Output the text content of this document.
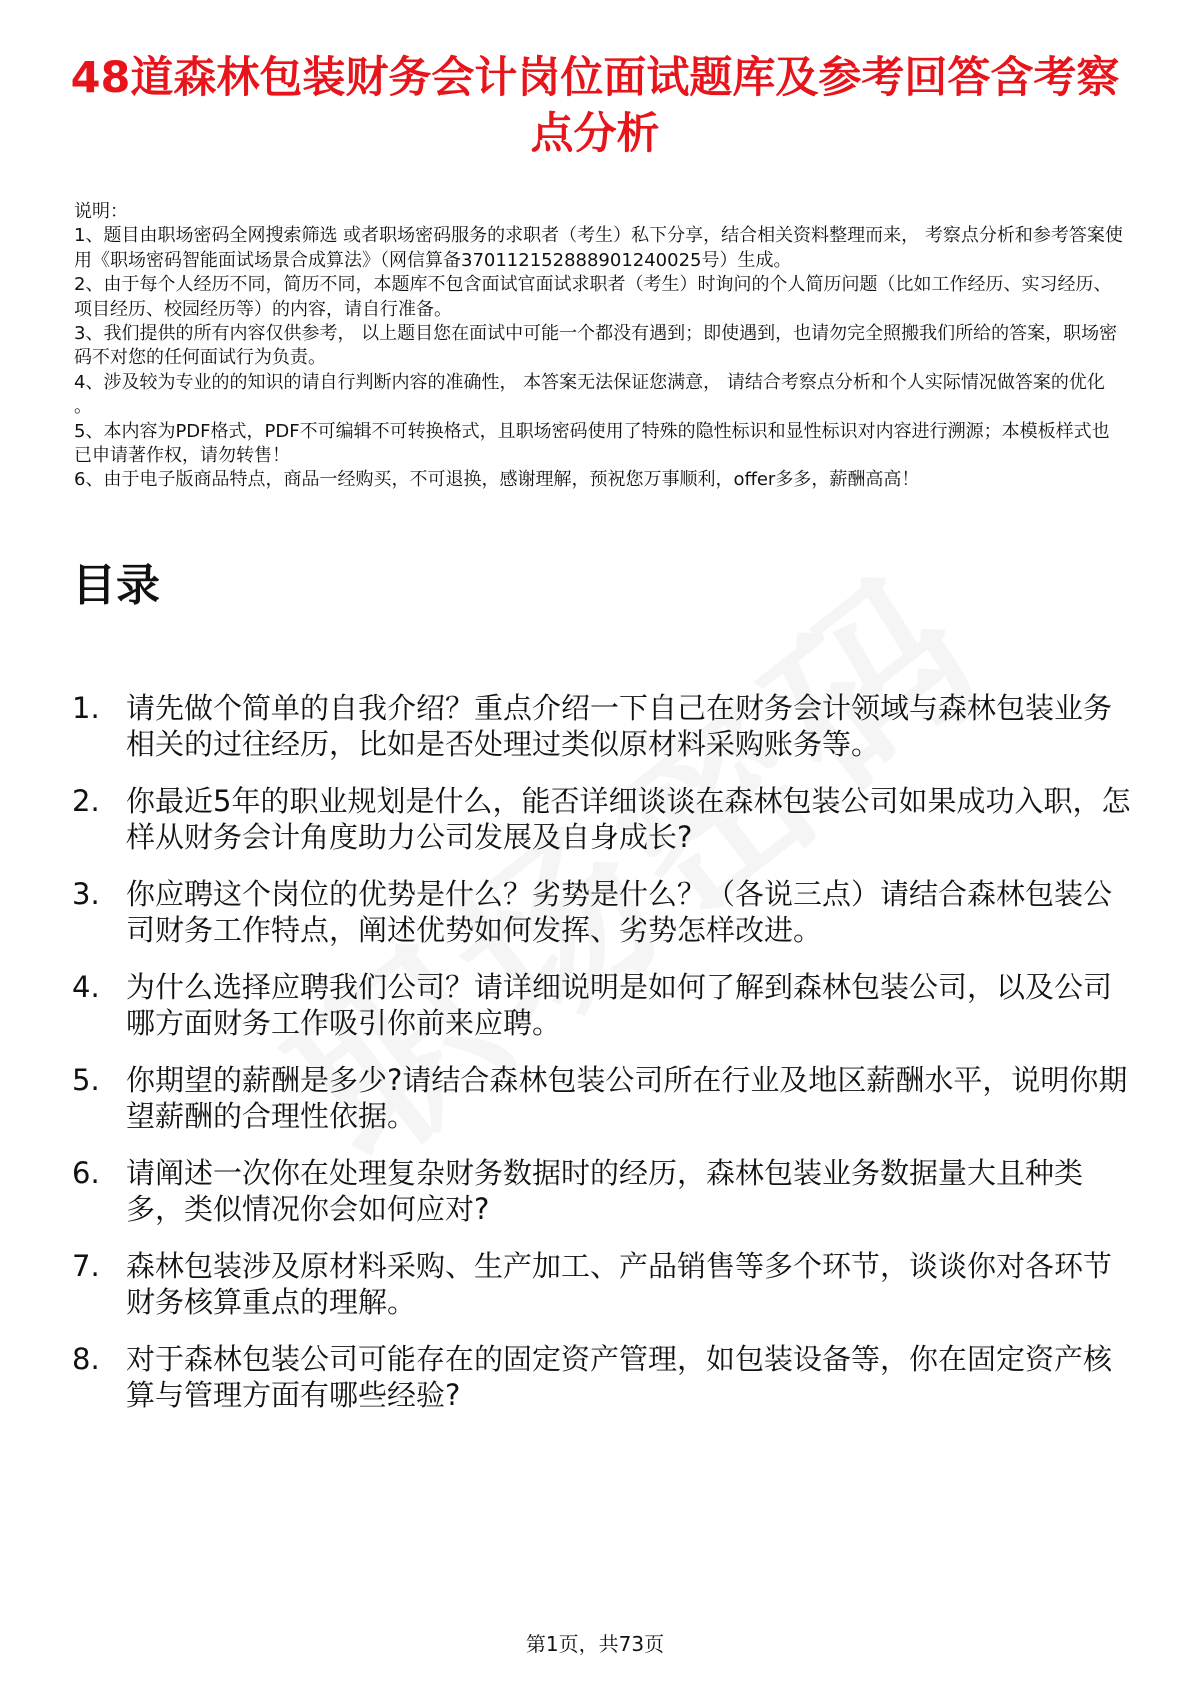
48道森林包装财务会计岗位面试题库及参考回答含考察点分析

说明：

1、题目由职场密码全网搜索筛选 或者职场密码服务的求职者（考生）私下分享，结合相关资料整理而来， 考察点分析和参考答案使用《职场密码智能面试场景合成算法》（网信算备370112152888901240025号）生成。

2、由于每个人经历不同，简历不同，本题库不包含面试官面试求职者（考生）时询问的个人简历问题（比如工作经历、实习经历、项目经历、校园经历等）的内容，请自行准备。

3、我们提供的所有内容仅供参考， 以上题目您在面试中可能一个都没有遇到；即使遇到，也请勿完全照搬我们所给的答案，职场密码不对您的任何面试行为负责。

4、涉及较为专业的的知识的请自行判断内容的准确性， 本答案无法保证您满意， 请结合考察点分析和个人实际情况做答案的优化 。

5、本内容为PDF格式，PDF不可编辑不可转换格式，且职场密码使用了特殊的隐性标识和显性标识对内容进行溯源；本模板样式也已申请著作权，请勿转售！

6、由于电子版商品特点，商品一经购买，不可退换，感谢理解，预祝您万事顺利，offer多多，薪酬高高！

目录
1. 请先做个简单的自我介绍？重点介绍一下自己在财务会计领域与森林包装业务相关的过往经历，比如是否处理过类似原材料采购账务等。
2. 你最近5年的职业规划是什么，能否详细谈谈在森林包装公司如果成功入职，怎样从财务会计角度助力公司发展及自身成长?
3. 你应聘这个岗位的优势是什么？劣势是什么？（各说三点）请结合森林包装公司财务工作特点，阐述优势如何发挥、劣势怎样改进。
4. 为什么选择应聘我们公司？请详细说明是如何了解到森林包装公司，以及公司哪方面财务工作吸引你前来应聘。
5. 你期望的薪酬是多少?请结合森林包装公司所在行业及地区薪酬水平，说明你期望薪酬的合理性依据。
6. 请阐述一次你在处理复杂财务数据时的经历，森林包装业务数据量大且种类多，类似情况你会如何应对?
7. 森林包装涉及原材料采购、生产加工、产品销售等多个环节，谈谈你对各环节财务核算重点的理解。
8. 对于森林包装公司可能存在的固定资产管理，如包装设备等，你在固定资产核算与管理方面有哪些经验?
第1页，共73页
